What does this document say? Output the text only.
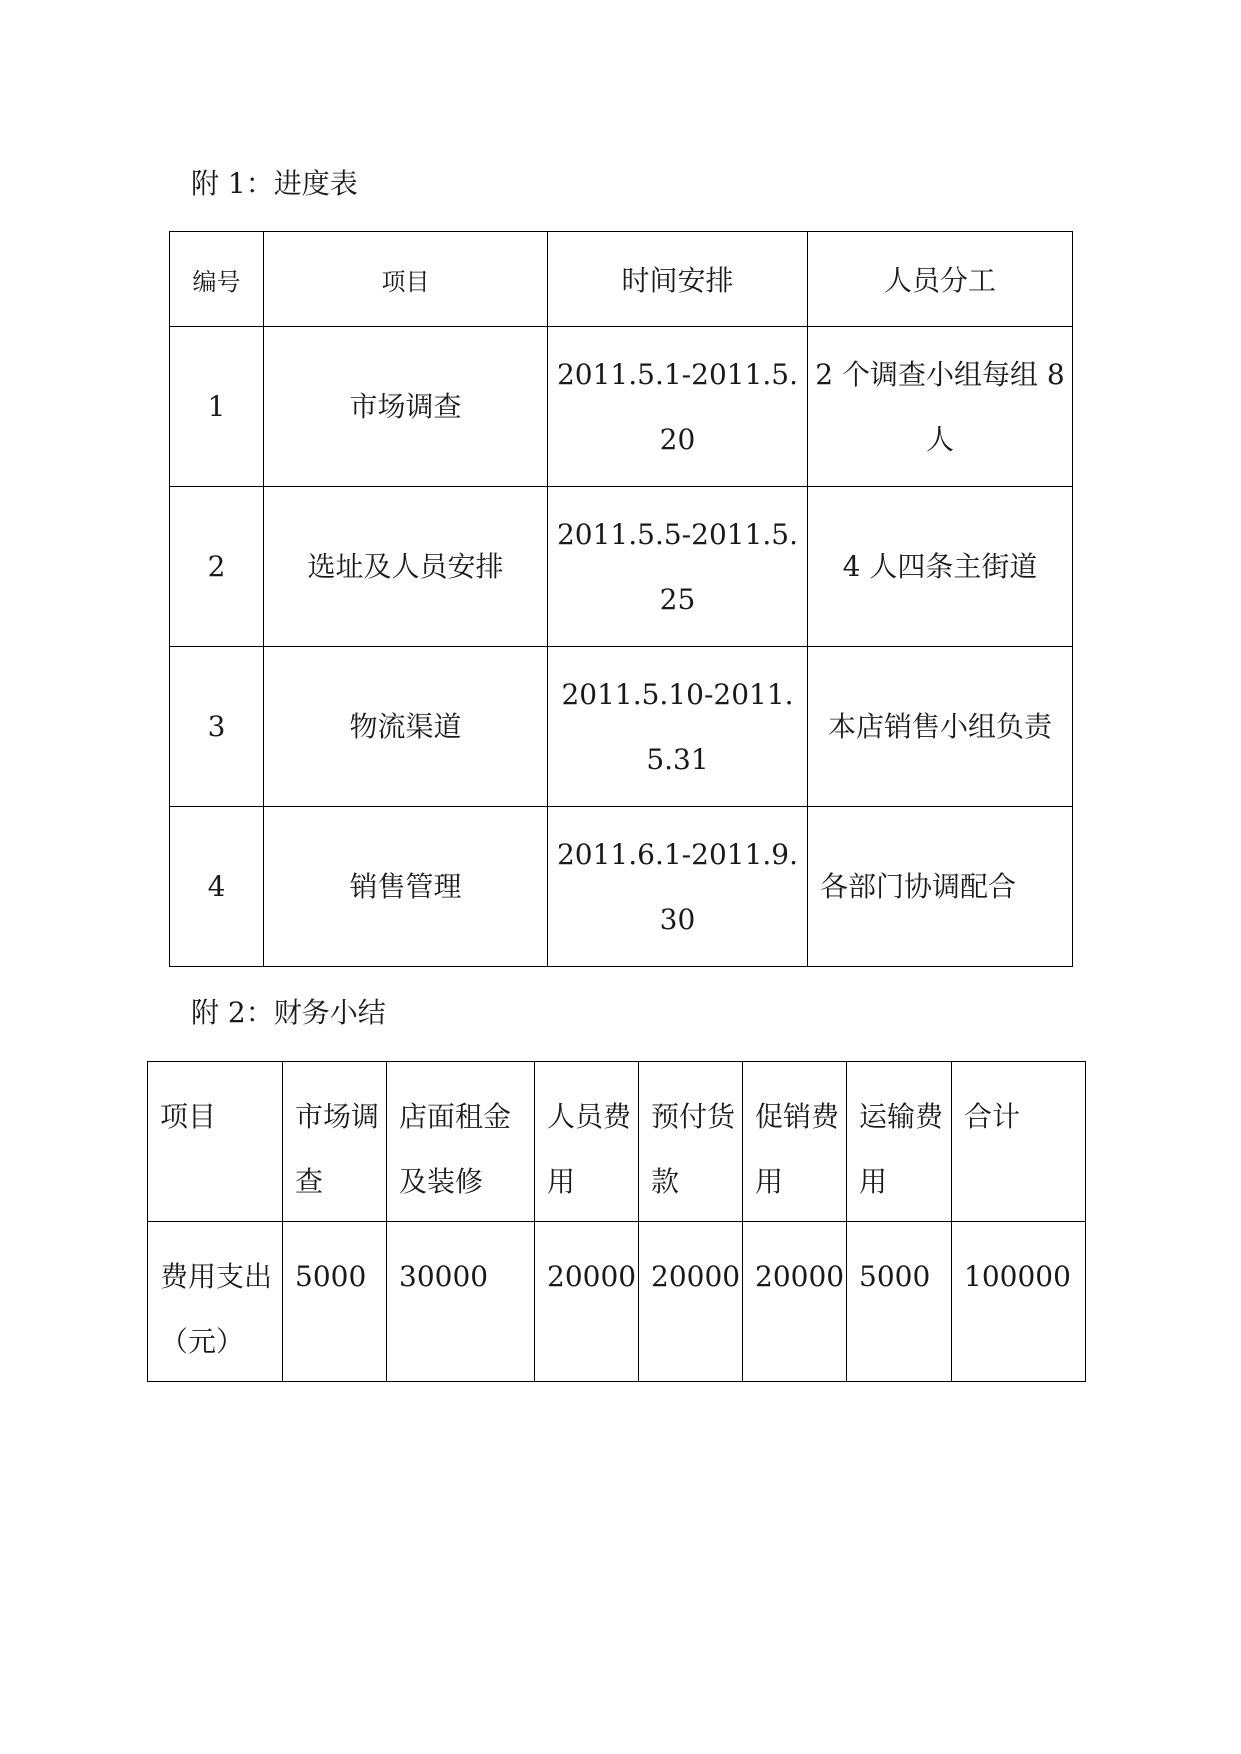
附 1：进度表
编号	项目	时间安排	人员分工
1	市场调查	2011.5.1-2011.5.20	2 个调查小组每组 8 人
2	选址及人员安排	2011.5.5-2011.5.25	4 人四条主街道
3	物流渠道	2011.5.10-2011.5.31	本店销售小组负责
4	销售管理	2011.6.1-2011.9.30	各部门协调配合
附 2：财务小结
项目	市场调查	店面租金及装修	人员费用	预付货款	促销费用	运输费用	合计
费用支出（元）	5000	30000	20000	20000	20000	5000	100000
